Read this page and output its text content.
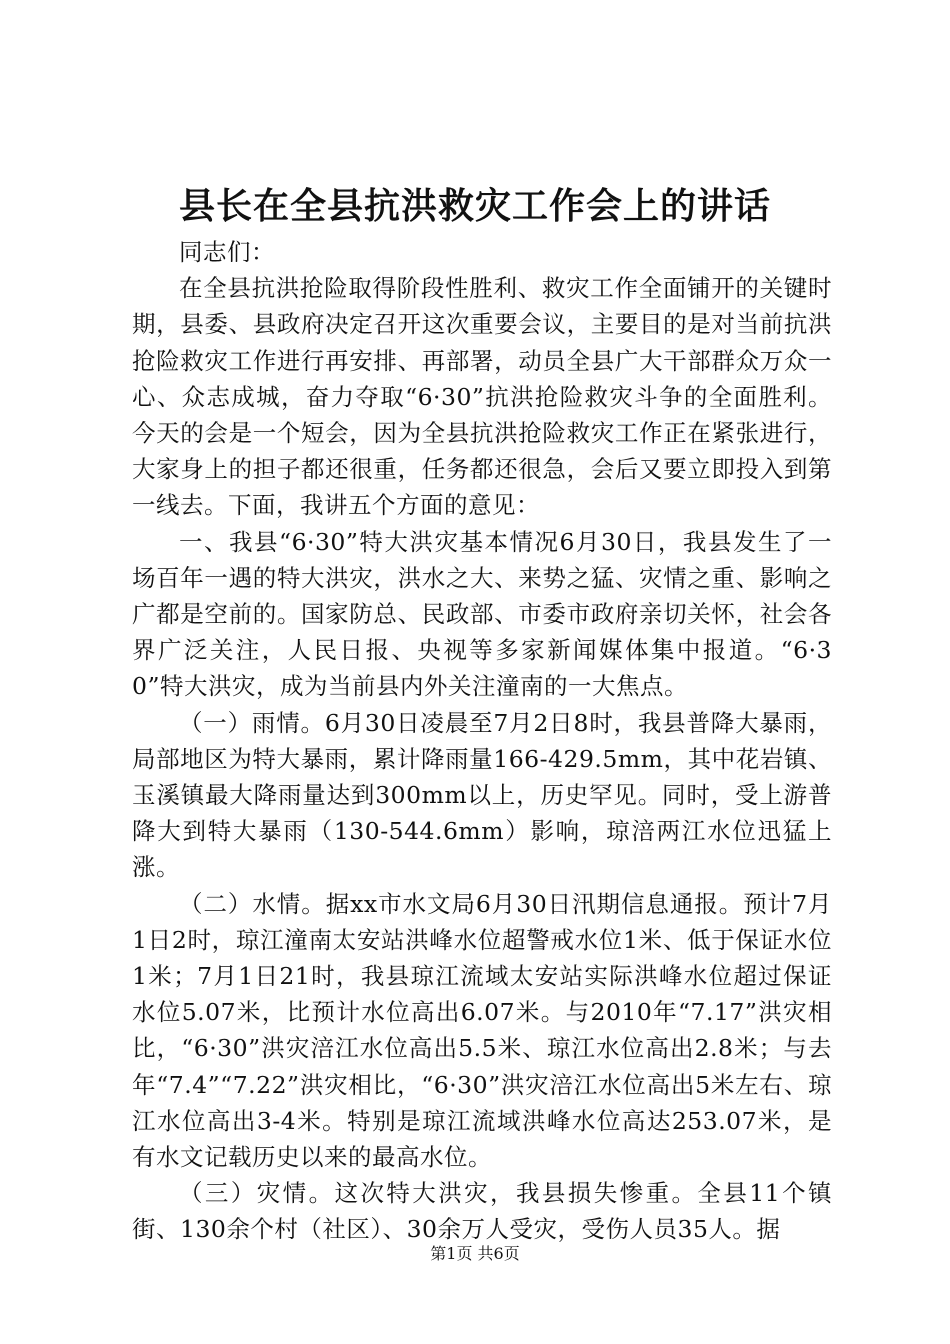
县长在全县抗洪救灾工作会上的讲话

同志们：

在全县抗洪抢险取得阶段性胜利、救灾工作全面铺开的关键时期，县委、县政府决定召开这次重要会议，主要目的是对当前抗洪抢险救灾工作进行再安排、再部署，动员全县广大干部群众万众一心、众志成城，奋力夺取“6·30”抗洪抢险救灾斗争的全面胜利。今天的会是一个短会，因为全县抗洪抢险救灾工作正在紧张进行，大家身上的担子都还很重，任务都还很急，会后又要立即投入到第一线去。下面，我讲五个方面的意见：

一、我县“6·30”特大洪灾基本情况6月30日，我县发生了一场百年一遇的特大洪灾，洪水之大、来势之猛、灾情之重、影响之广都是空前的。国家防总、民政部、市委市政府亲切关怀，社会各界广泛关注，人民日报、央视等多家新闻媒体集中报道。“6·30”特大洪灾，成为当前县内外关注潼南的一大焦点。

（一）雨情。6月30日凌晨至7月2日8时，我县普降大暴雨，局部地区为特大暴雨，累计降雨量166-429.5mm，其中花岩镇、玉溪镇最大降雨量达到300mm以上，历史罕见。同时，受上游普降大到特大暴雨（130-544.6mm）影响，琼涪两江水位迅猛上涨。

（二）水情。据xx市水文局6月30日汛期信息通报。预计7月1日2时，琼江潼南太安站洪峰水位超警戒水位1米、低于保证水位1米；7月1日21时，我县琼江流域太安站实际洪峰水位超过保证水位5.07米，比预计水位高出6.07米。与2010年“7.17”洪灾相比，“6·30”洪灾涪江水位高出5.5米、琼江水位高出2.8米；与去年“7.4”“7.22”洪灾相比，“6·30”洪灾涪江水位高出5米左右、琼江水位高出3-4米。特别是琼江流域洪峰水位高达253.07米，是有水文记载历史以来的最高水位。

（三）灾情。这次特大洪灾，我县损失惨重。全县11个镇街、130余个村（社区）、30余万人受灾，受伤人员35人。据

第1页 共6页
